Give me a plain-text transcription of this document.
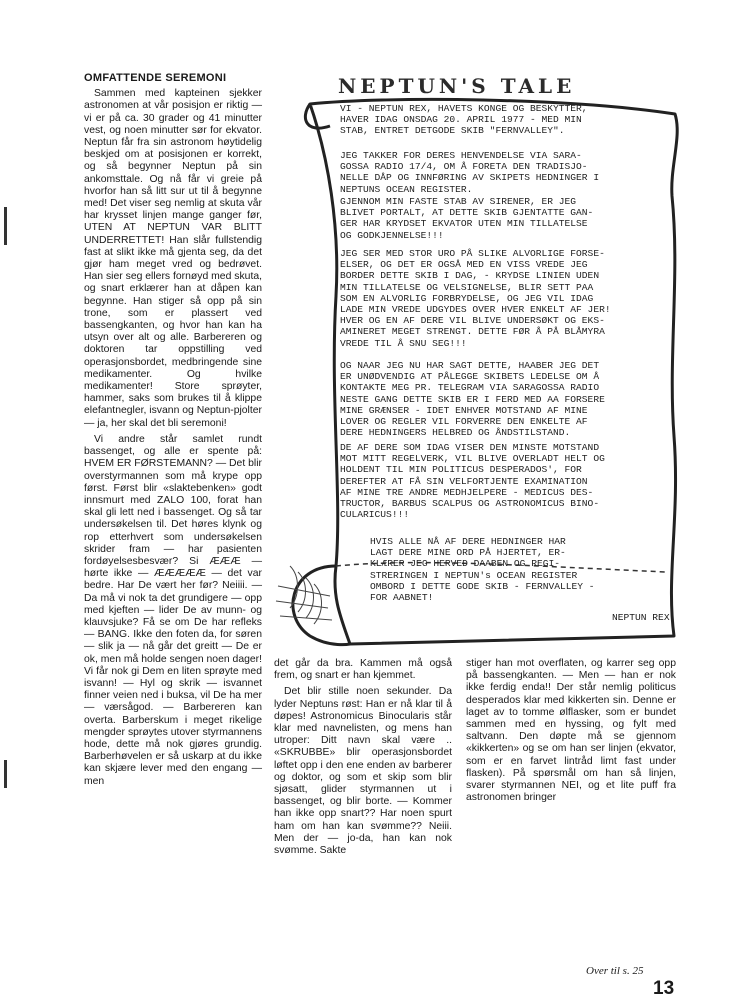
OMFATTENDE SEREMONI

Sammen med kapteinen sjekker astronomen at vår posisjon er riktig — vi er på ca. 30 grader og 41 minutter vest, og noen minutter sør for ekvator. Neptun får fra sin astronom høytidelig beskjed om at posisjonen er korrekt, og så begynner Neptun på sin ankomsttale. Og nå får vi greie på hvorfor han så litt sur ut til å begynne med! Det viser seg nemlig at skuta vår har krysset linjen mange ganger før, UTEN AT NEPTUN VAR BLITT UNDERRETTET! Han slår fullstendig fast at slikt ikke må gjenta seg, da det gjør ham meget vred og bedrøvet. Han sier seg ellers fornøyd med skuta, og snart erklærer han at dåpen kan begynne. Han stiger så opp på sin trone, som er plassert ved bassengkanten, og hvor han kan ha utsyn over alt og alle. Barbereren og doktoren tar oppstilling ved operasjonsbordet, medbringende sine medikamenter. Og hvilke medikamenter! Store sprøyter, hammer, saks som brukes til å klippe elefantnegler, isvann og Neptun-pjolter — ja, her skal det bli seremoni!

Vi andre står samlet rundt bassenget, og alle er spente på: HVEM ER FØRSTEMANN? — Det blir overstyrmannen som må krype opp først. Først blir «slaktebenken» godt innsmurt med ZALO 100, forat han skal gli lett ned i bassenget. Og så tar undersøkelsen til. Det høres klynk og rop etterhvert som undersøkelsen skrider fram — har pasienten fordøyelsesbesvær? Si ÆÆÆ — hørte ikke — ÆÆÆÆÆ — det var bedre. Har De vært her før? Neiiii. — Da må vi nok ta det grundigere — opp med kjeften — lider De av munn- og klauvsjuke? Få se om De har refleks — BANG. Ikke den foten da, for søren — slik ja — nå går det greitt — De er ok, men må holde sengen noen dager! Vi får nok gi Dem en liten sprøyte med isvann! — Hyl og skrik — isvannet finner veien ned i buksa, vil De ha mer — værsågod. — Barbereren kan overta. Barberskum i meget rikelige mengder sprøytes utover styrmannens hode, dette må nok gjøres grundig. Barberhøvelen er så uskarp at du ikke kan skjære lever med den engang — men

NEPTUN'S TALE
VI - NEPTUN REX, HAVETS KONGE OG BESKYTTER,
HAVER IDAG ONSDAG 20. APRIL 1977 - MED MIN
STAB, ENTRET DETGODE SKIB "FERNVALLEY".
JEG TAKKER FOR DERES HENVENDELSE VIA SARA-
GOSSA RADIO 17/4, OM Å FORETA DEN TRADISJO-
NELLE DÅP OG INNFØRING AV SKIPETS HEDNINGER I
NEPTUNS OCEAN REGISTER.
GJENNOM MIN FASTE STAB AV SIRENER, ER JEG
BLIVET PORTALT, AT DETTE SKIB GJENTATTE GAN-
GER HAR KRYDSET EKVATOR UTEN MIN TILLATELSE
OG GODKJENNELSE!!!
JEG SER MED STOR URO PÅ SLIKE ALVORLIGE FORSE-
ELSER, OG DET ER OGSÅ MED EN VISS VREDE JEG
BORDER DETTE SKIB I DAG, - KRYDSE LINIEN UDEN
MIN TILLATELSE OG VELSIGNELSE, BLIR SETT PAA
SOM EN ALVORLIG FORBRYDELSE, OG JEG VIL IDAG
LADE MIN VREDE UDGYDES OVER HVER ENKELT AF JER!
HVER OG EN AF DERE VIL BLIVE UNDERSØKT OG EKS-
AMINERET MEGET STRENGT. DETTE FØR Å PÅ BLÅMYRA
VREDE TIL Å SNU SEG!!!
OG NAAR JEG NU HAR SAGT DETTE, HAABER JEG DET
ER UNØDVENDIG AT PÅLEGGE SKIBETS LEDELSE OM Å
KONTAKTE MEG PR. TELEGRAM VIA SARAGOSSA RADIO
NESTE GANG DETTE SKIB ER I FERD MED AA FORSERE
MINE GRÆNSER - IDET ENHVER MOTSTAND AF MINE
LOVER OG REGLER VIL FORVERRE DEN ENKELTE AF
DERE HEDNINGERS HELBRED OG ÅNDSTILSTAND.
DE AF DERE SOM IDAG VISER DEN MINSTE MOTSTAND
MOT MITT REGELVERK, VIL BLIVE OVERLADT HELT OG
HOLDENT TIL MIN POLITICUS DESPERADOS', FOR
DEREFTER AT FÅ SIN VELFORTJENTE EXAMINATION
AF MINE TRE ANDRE MEDHJELPERE - MEDICUS DES-
TRUCTOR, BARBUS SCALPUS OG ASTRONOMICUS BINO-
CULARICUS!!!
HVIS ALLE NÅ AF DERE HEDNINGER HAR
LAGT DERE MINE ORD PÅ HJERTET, ER-
KLÆRER JEG HERVED DAABEN OG REGI-
STRERINGEN I NEPTUN's OCEAN REGISTER
OMBORD I DETTE GODE SKIB - FERNVALLEY -
FOR AABNET!
NEPTUN REX

det går da bra. Kammen må også frem, og snart er han kjemmet.

Det blir stille noen sekunder. Da lyder Neptuns røst: Han er nå klar til å døpes! Astronomicus Binocularis står klar med navnelisten, og mens han utroper: Ditt navn skal være .. «SKRUBBE» blir operasjonsbordet løftet opp i den ene enden av barberer og doktor, og som et skip som blir sjøsatt, glider styrmannen ut i bassenget, og blir borte. — Kommer han ikke opp snart?? Har noen spurt ham om han kan svømme?? Neiii. Men der — jo-da, han kan nok svømme. Sakte

stiger han mot overflaten, og karrer seg opp på bassengkanten. — Men — han er nok ikke ferdig enda!! Der står nemlig politicus desperados klar med kikkerten sin. Denne er laget av to tomme ølflasker, som er bundet sammen med en hyssing, og fylt med saltvann. Den døpte må se gjennom «kikkerten» og se om han ser linjen (ekvator, som er en farvet lintråd limt fast under flasken). På spørsmål om han så linjen, svarer styrmannen NEI, og et lite puff fra astronomen bringer

Over til s. 25
13
